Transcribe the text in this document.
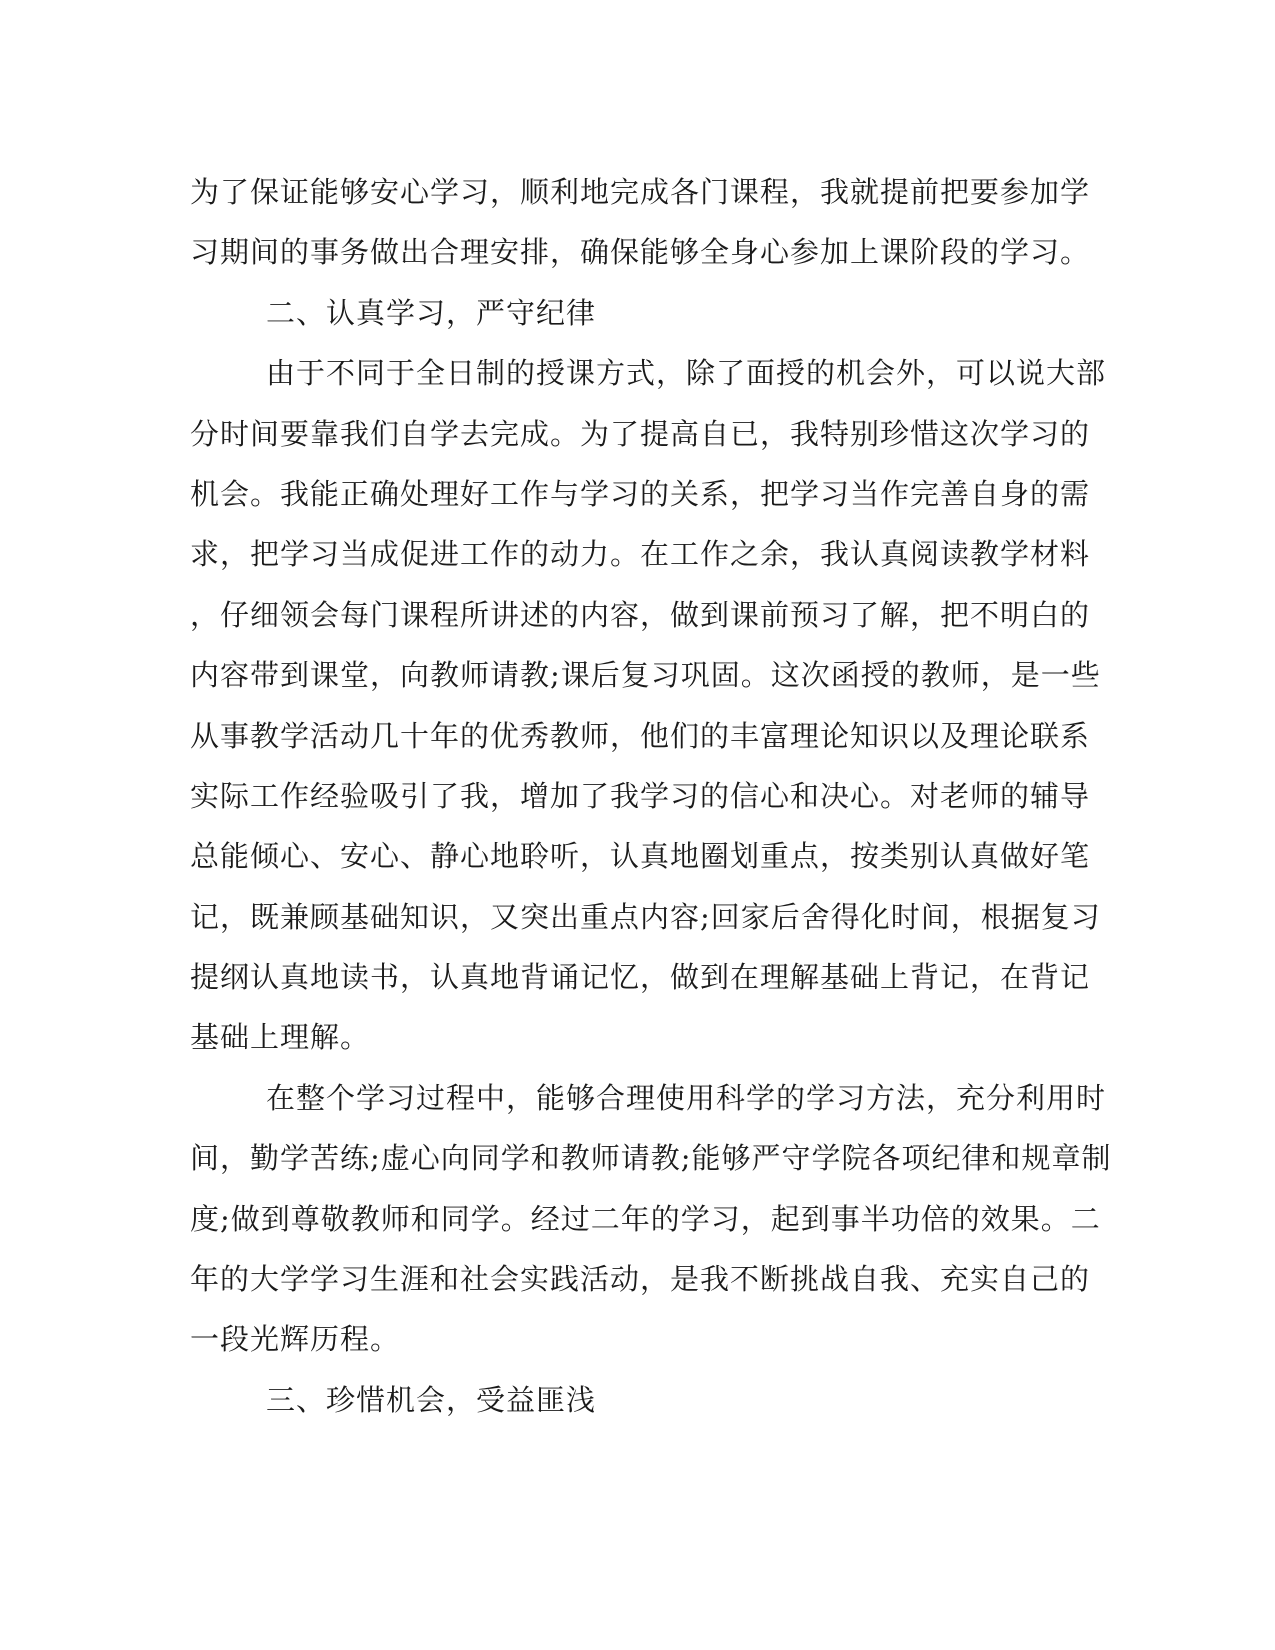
为了保证能够安心学习，顺利地完成各门课程，我就提前把要参加学
习期间的事务做出合理安排，确保能够全身心参加上课阶段的学习。
二、认真学习，严守纪律
由于不同于全日制的授课方式，除了面授的机会外，可以说大部
分时间要靠我们自学去完成。为了提高自已，我特别珍惜这次学习的
机会。我能正确处理好工作与学习的关系，把学习当作完善自身的需
求，把学习当成促进工作的动力。在工作之余，我认真阅读教学材料
，仔细领会每门课程所讲述的内容，做到课前预习了解，把不明白的
内容带到课堂，向教师请教;课后复习巩固。这次函授的教师，是一些
从事教学活动几十年的优秀教师，他们的丰富理论知识以及理论联系
实际工作经验吸引了我，增加了我学习的信心和决心。对老师的辅导
总能倾心、安心、静心地聆听，认真地圈划重点，按类别认真做好笔
记，既兼顾基础知识，又突出重点内容;回家后舍得化时间，根据复习
提纲认真地读书，认真地背诵记忆，做到在理解基础上背记，在背记
基础上理解。
在整个学习过程中，能够合理使用科学的学习方法，充分利用时
间，勤学苦练;虚心向同学和教师请教;能够严守学院各项纪律和规章制
度;做到尊敬教师和同学。经过二年的学习，起到事半功倍的效果。二
年的大学学习生涯和社会实践活动，是我不断挑战自我、充实自己的
一段光辉历程。
三、珍惜机会，受益匪浅
